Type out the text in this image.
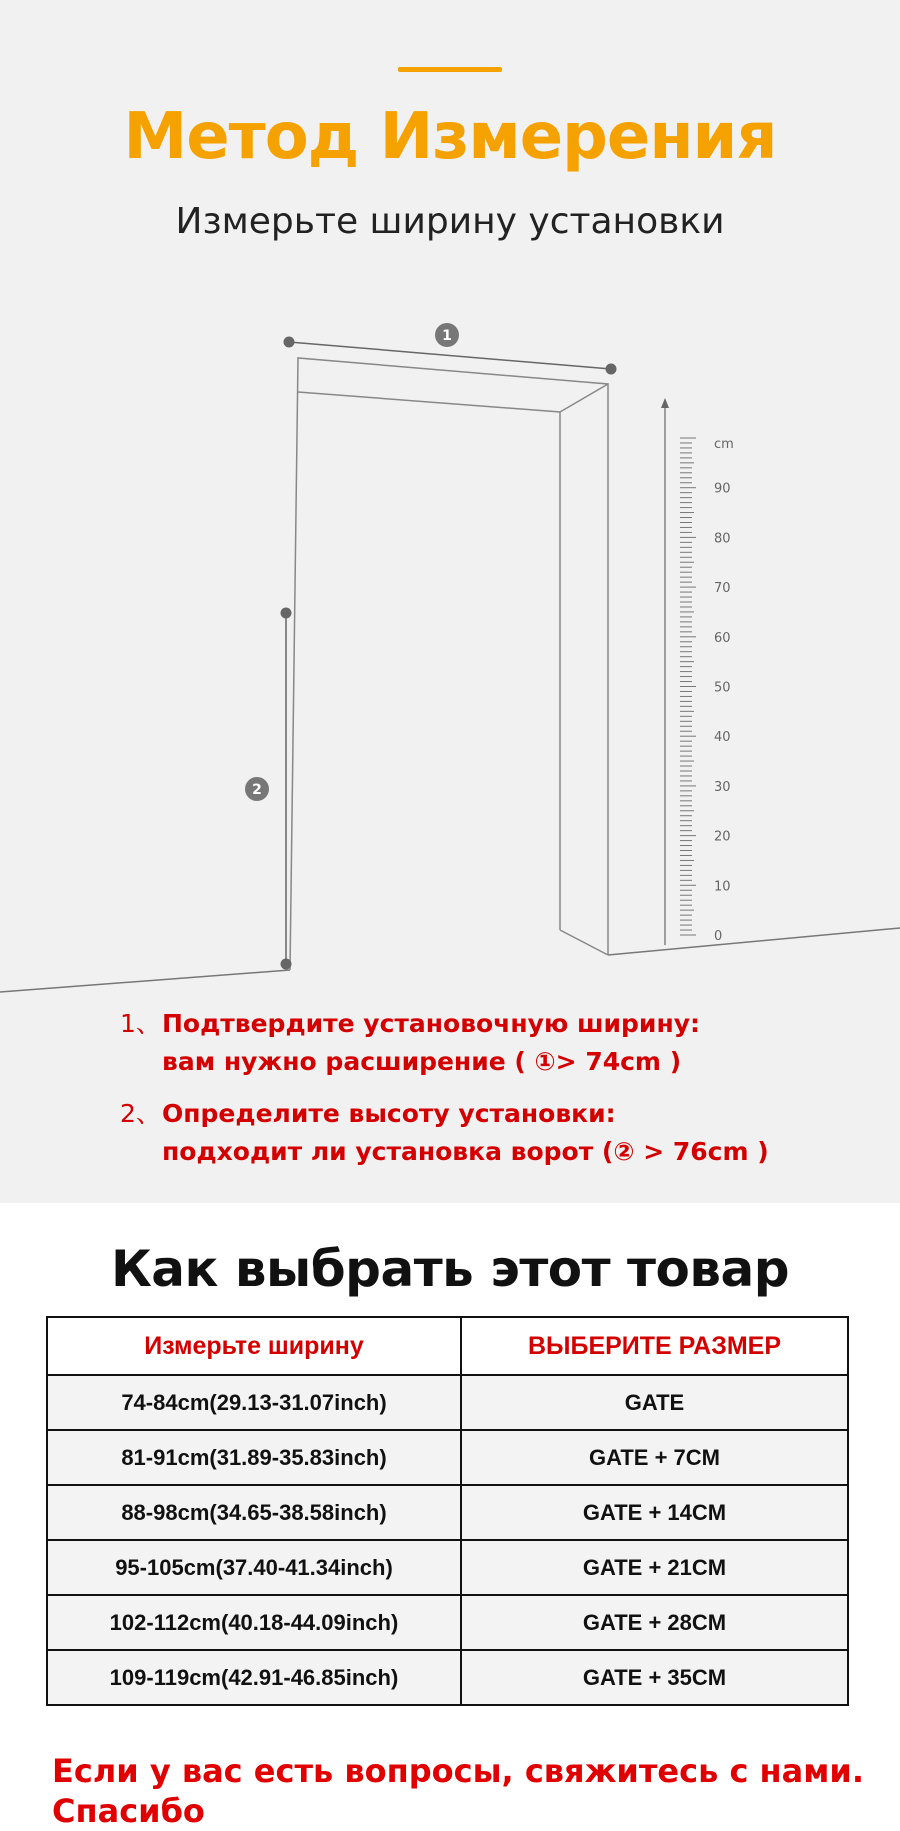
Метод Измерения
Измерьте ширину установки
1
2
cm
90
80
70
60
50
40
30
20
10
0
1、 Подтвердите установочную ширину:
вам нужно расширение ( ①> 74cm )
2、 Определите высоту установки:
подходит ли установка ворот (② > 76cm )
Как выбрать этот товар
Измерьте ширину	ВЫБЕРИТЕ РАЗМЕР
74-84cm(29.13-31.07inch)	GATE
81-91cm(31.89-35.83inch)	GATE + 7CM
88-98cm(34.65-38.58inch)	GATE + 14CM
95-105cm(37.40-41.34inch)	GATE + 21CM
102-112cm(40.18-44.09inch)	GATE + 28CM
109-119cm(42.91-46.85inch)	GATE + 35CM
Если у вас есть вопросы, свяжитесь с нами.
Спасибо
